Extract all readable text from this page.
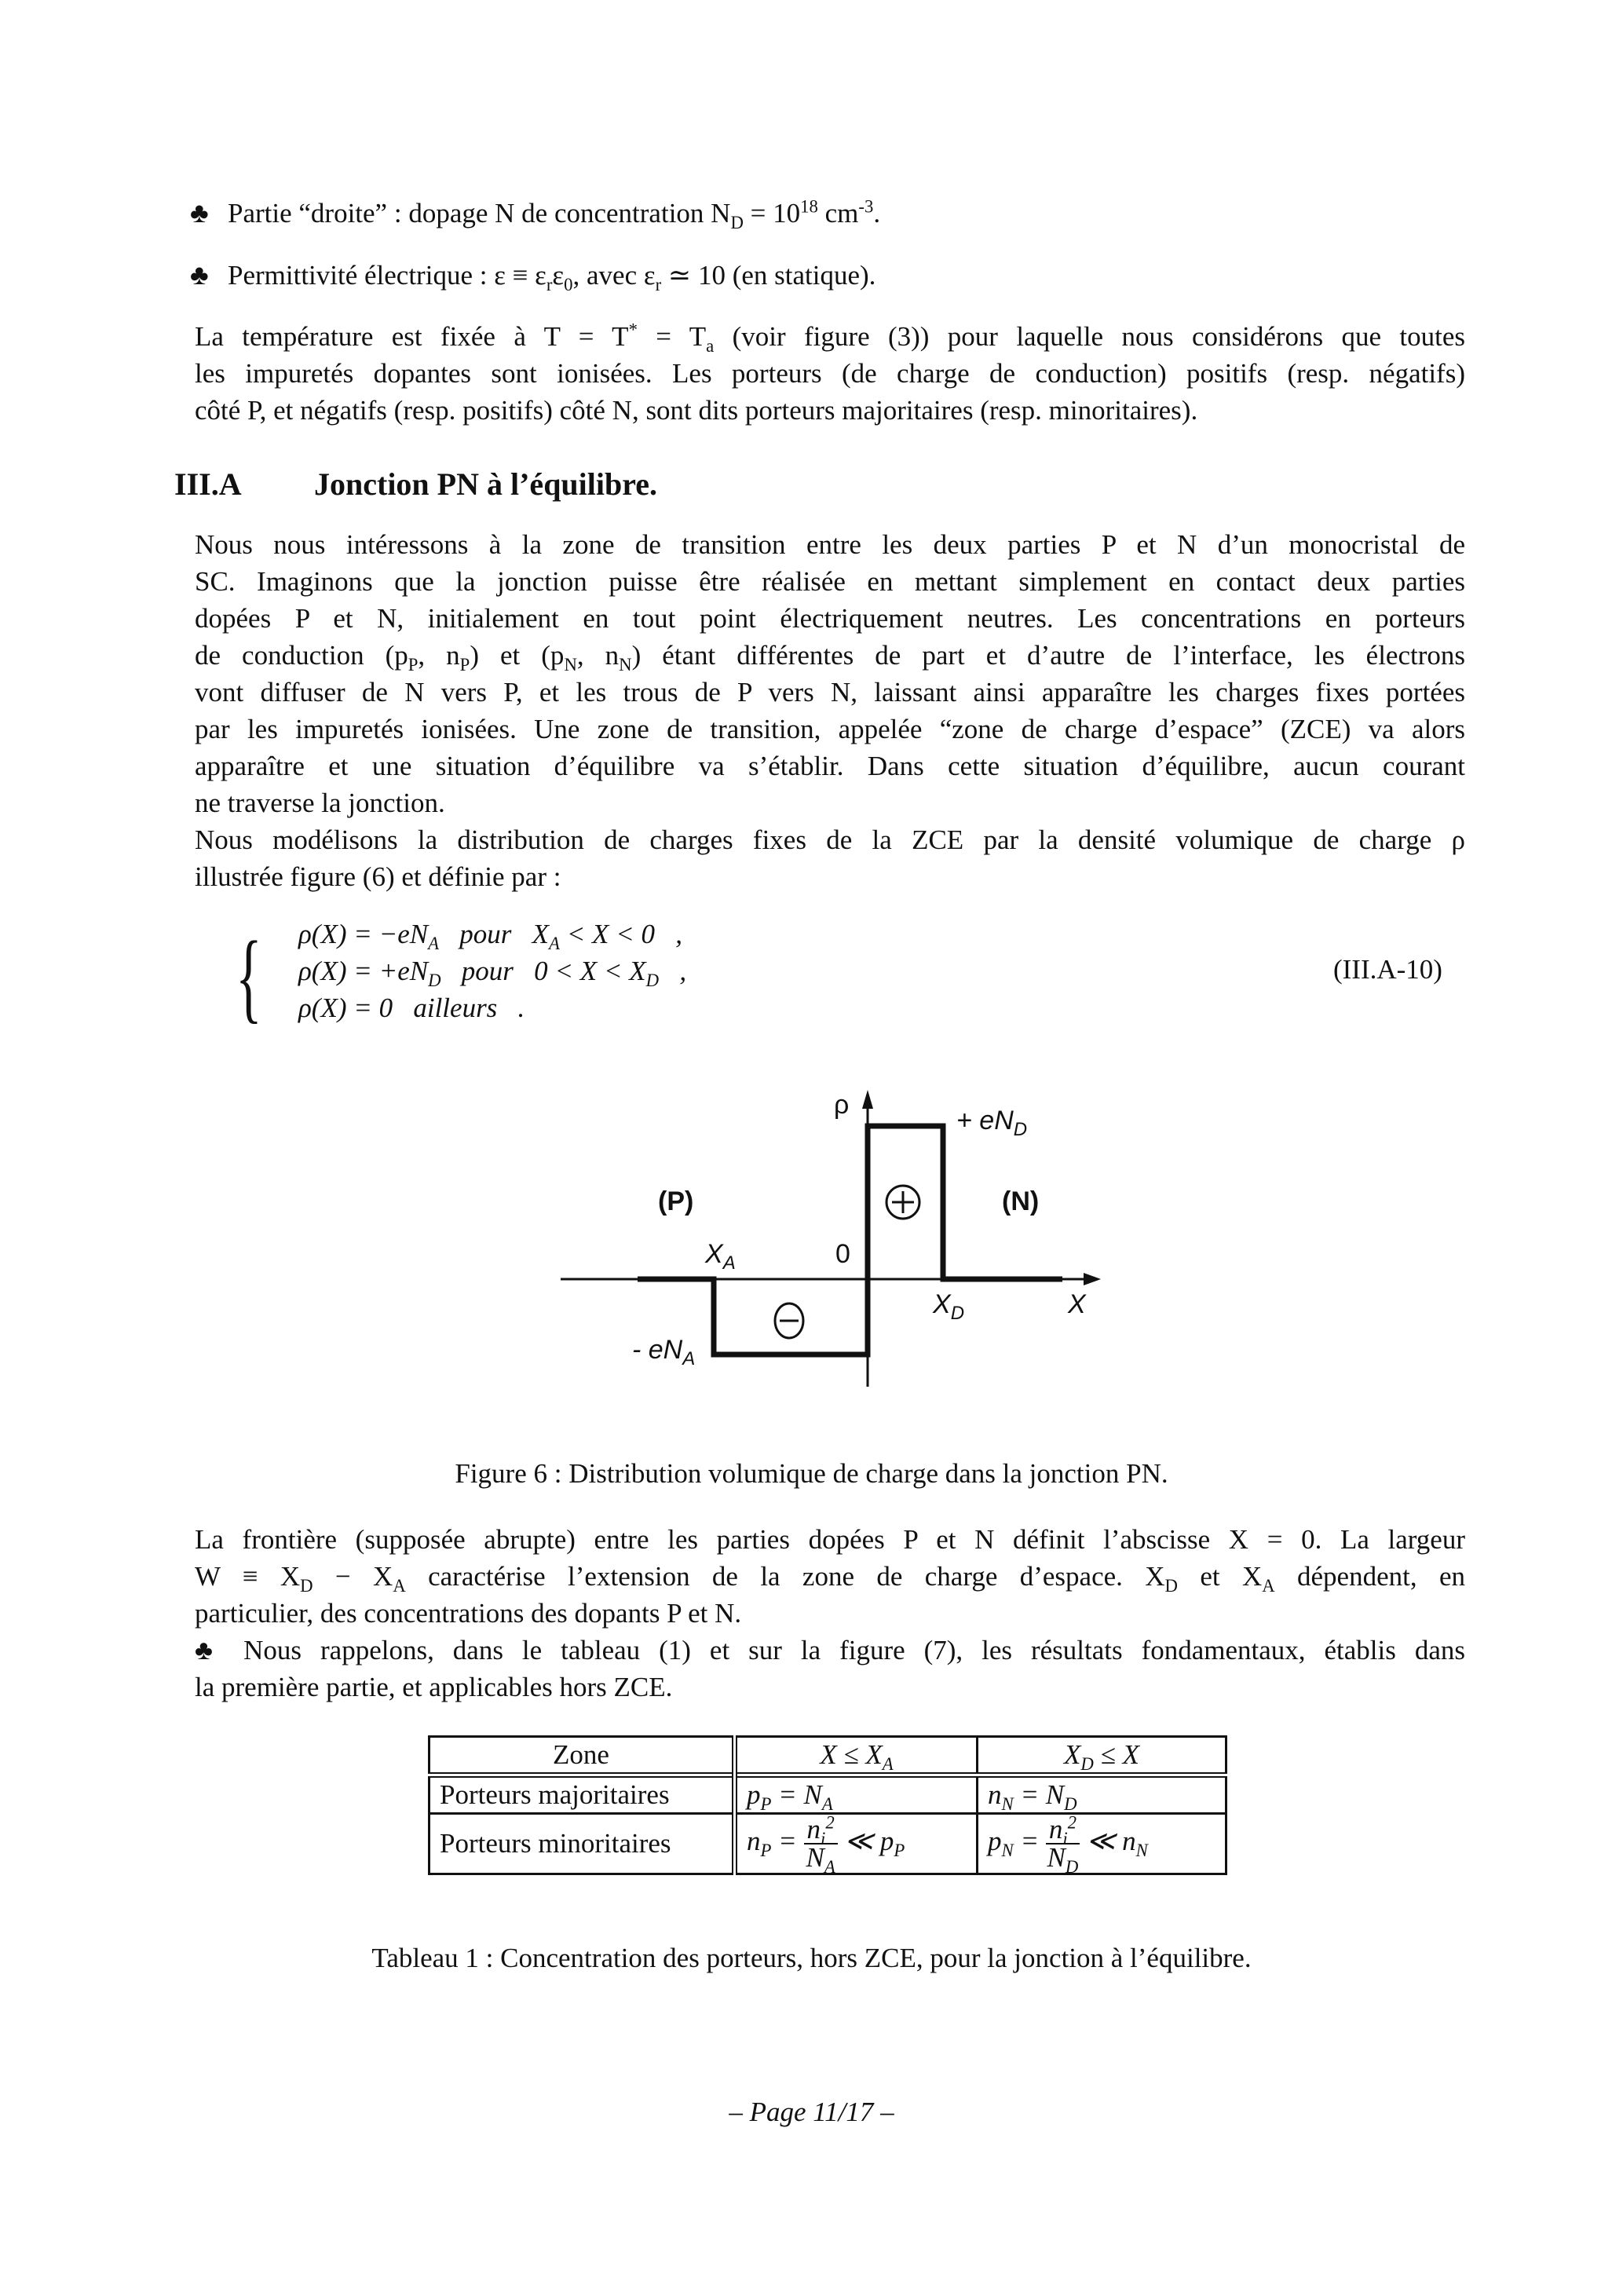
♣ Partie “droite” : dopage N de concentration $N_D = 10^{18}$ $cm^{-3}$.
♣ Permittivité électrique : $\varepsilon \equiv \varepsilon_r\varepsilon_0$, avec $\varepsilon_r$ ≃ 10 (en statique).
La température est fixée à $T = T^* = T_a$ (voir figure (3)) pour laquelle nous considérons que toutes
les impuretés dopantes sont ionisées. Les porteurs (de charge de conduction) positifs (resp. négatifs)
côté P, et négatifs (resp. positifs) côté N, sont dits porteurs majoritaires (resp. minoritaires).
III.A Jonction PN à l’équilibre.
Nous nous intéressons à la zone de transition entre les deux parties P et N d’un monocristal de
SC. Imaginons que la jonction puisse être réalisée en mettant simplement en contact deux parties
dopées P et N, initialement en tout point électriquement neutres. Les concentrations en porteurs
de conduction ($p_P$, $n_P$) et ($p_N$, $n_N$) étant différentes de part et d’autre de l’interface, les électrons
vont diffuser de N vers P, et les trous de P vers N, laissant ainsi apparaître les charges fixes portées
par les impuretés ionisées. Une zone de transition, appelée “zone de charge d’espace” (ZCE) va alors
apparaître et une situation d’équilibre va s’établir. Dans cette situation d’équilibre, aucun courant
ne traverse la jonction.
Nous modélisons la distribution de charges fixes de la ZCE par la densité volumique de charge ρ
illustrée figure (6) et définie par :
{ $\rho(X) = -eN_A$   pour   $X_A < X < 0$   ,
$\rho(X) = +eN_D$   pour   $0 < X < X_D$   ,
ρ(X) = 0   ailleurs   .
(III.A-10)
ρ
+ $eN_D$
(P)	(N)
$X_A$	0
$X_D$	X
- $eN_A$
Figure 6 : Distribution volumique de charge dans la jonction PN.
La frontière (supposée abrupte) entre les parties dopées P et N définit l’abscisse X = 0. La largeur
$W \equiv X_D - X_A$ caractérise l’extension de la zone de charge d’espace. $X_D$ et $X_A$ dépendent, en
particulier, des concentrations des dopants P et N.
♣ Nous rappelons, dans le tableau (1) et sur la figure (7), les résultats fondamentaux, établis dans
la première partie, et applicables hors ZCE.
Zone	$X \le X_A$	$X_D \le X$
Porteurs majoritaires	$p_P = N_A$	$n_N = N_D$
Porteurs minoritaires	$n_P = \frac{n_i^2}{N_A}$ ≪ $p_P$	$p_N = \frac{n_i^2}{N_D}$ ≪ $n_N$
Tableau 1 : Concentration des porteurs, hors ZCE, pour la jonction à l’équilibre.
– Page 11/17 –
